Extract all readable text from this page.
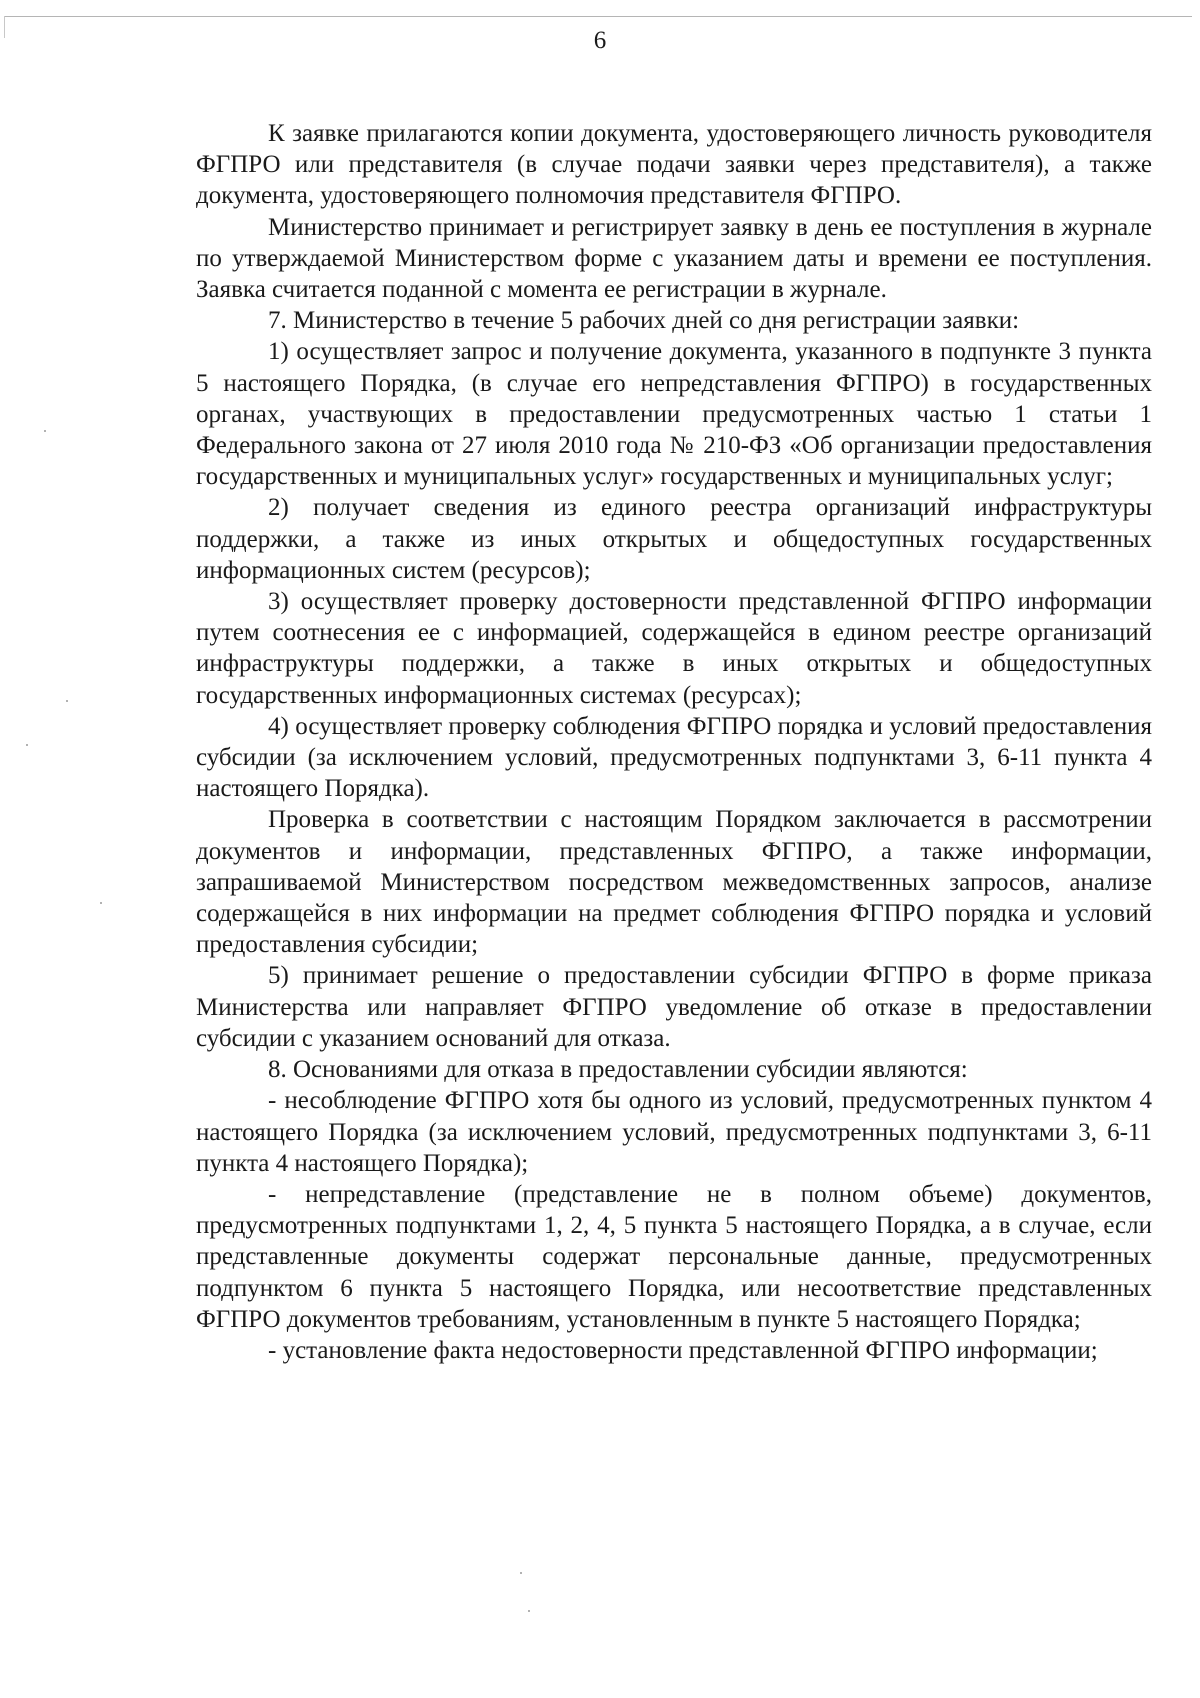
6

К заявке прилагаются копии документа, удостоверяющего личность руководителя ФГПРО или представителя (в случае подачи заявки через представителя), а также документа, удостоверяющего полномочия представителя ФГПРО.

Министерство принимает и регистрирует заявку в день ее поступления в журнале по утверждаемой Министерством форме с указанием даты и времени ее поступления. Заявка считается поданной с момента ее регистрации в журнале.

7. Министерство в течение 5 рабочих дней со дня регистрации заявки:

1) осуществляет запрос и получение документа, указанного в подпункте 3 пункта 5 настоящего Порядка, (в случае его непредставления ФГПРО) в государственных органах, участвующих в предоставлении предусмотренных частью 1 статьи 1 Федерального закона от 27 июля 2010 года № 210-ФЗ «Об организации предоставления государственных и муниципальных услуг» государственных и муниципальных услуг;

2) получает сведения из единого реестра организаций инфраструктуры поддержки, а также из иных открытых и общедоступных государственных информационных систем (ресурсов);

3) осуществляет проверку достоверности представленной ФГПРО информации путем соотнесения ее с информацией, содержащейся в едином реестре организаций инфраструктуры поддержки, а также в иных открытых и общедоступных государственных информационных системах (ресурсах);

4) осуществляет проверку соблюдения ФГПРО порядка и условий предоставления субсидии (за исключением условий, предусмотренных подпунктами 3, 6-11 пункта 4 настоящего Порядка).

Проверка в соответствии с настоящим Порядком заключается в рассмотрении документов и информации, представленных ФГПРО, а также информации, запрашиваемой Министерством посредством межведомственных запросов, анализе содержащейся в них информации на предмет соблюдения ФГПРО порядка и условий предоставления субсидии;

5) принимает решение о предоставлении субсидии ФГПРО в форме приказа Министерства или направляет ФГПРО уведомление об отказе в предоставлении субсидии с указанием оснований для отказа.

8. Основаниями для отказа в предоставлении субсидии являются:

- несоблюдение ФГПРО хотя бы одного из условий, предусмотренных пунктом 4 настоящего Порядка (за исключением условий, предусмотренных подпунктами 3, 6-11 пункта 4 настоящего Порядка);

- непредставление (представление не в полном объеме) документов, предусмотренных подпунктами 1, 2, 4, 5 пункта 5 настоящего Порядка, а в случае, если представленные документы содержат персональные данные, предусмотренных подпунктом 6 пункта 5 настоящего Порядка, или несоответствие представленных ФГПРО документов требованиям, установленным в пункте 5 настоящего Порядка;

- установление факта недостоверности представленной ФГПРО информации;
